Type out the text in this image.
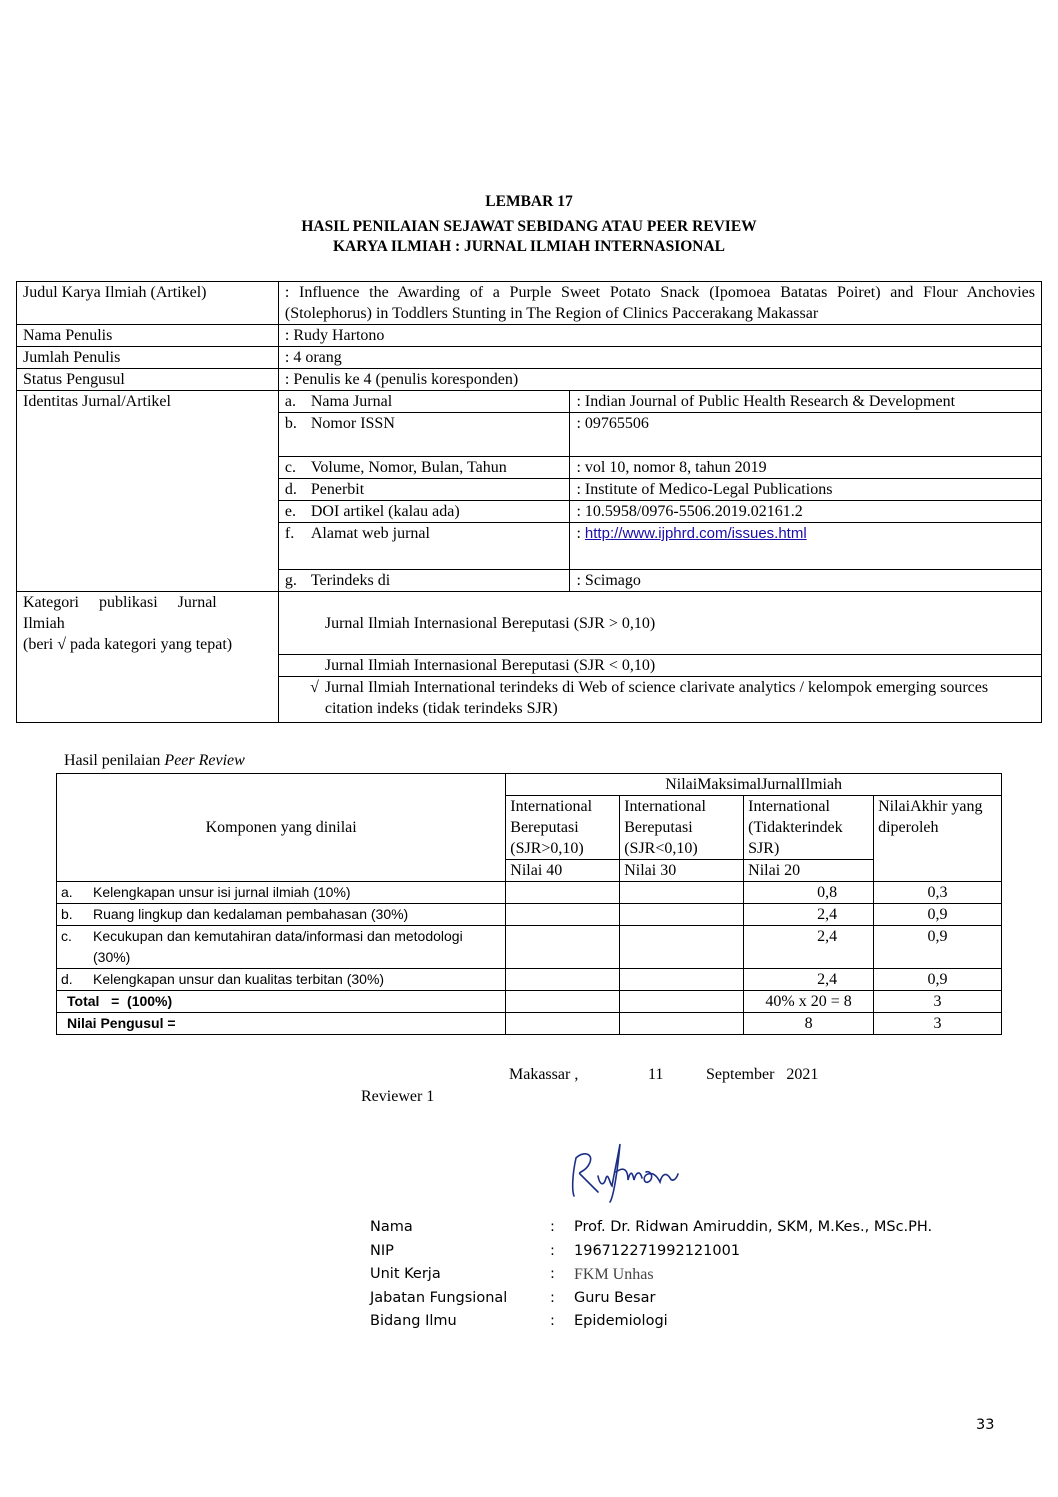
LEMBAR 17
HASIL PENILAIAN SEJAWAT SEBIDANG ATAU PEER REVIEW
KARYA ILMIAH : JURNAL ILMIAH INTERNASIONAL
Judul Karya Ilmiah (Artikel)	: Influence the Awarding of a Purple Sweet Potato Snack (Ipomoea Batatas Poiret) and Flour Anchovies (Stolephorus) in Toddlers Stunting in The Region of Clinics Paccerakang Makassar	
Nama Penulis	: Rudy Hartono	
Jumlah Penulis	: 4 orang	
Status Pengusul	: Penulis ke 4 (penulis koresponden)	
Identitas Jurnal/Artikel	a. Nama Jurnal	: Indian Journal of Public Health Research & Development

	b. Nomor ISSN	: 09765506

	c. Volume, Nomor, Bulan, Tahun	: vol 10, nomor 8, tahun 2019

	d. Penerbit	: Institute of Medico-Legal Publications

	e. DOI artikel (kalau ada)	: 10.5958/0976-5506.2019.02161.2

	f. Alamat web jurnal	: http://www.ijphrd.com/issues.html

	g. Terindeks di	: Scimago

Kategori     publikasi     Jurnal
Ilmiah
(beri √ pada kategori yang tepat)	Jurnal Ilmiah Internasional Bereputasi (SJR > 0,10)	

	Jurnal Ilmiah Internasional Bereputasi (SJR < 0,10)	

	√ Jurnal Ilmiah International terindeks di Web of science clarivate analytics / kelompok emerging sources citation indeks (tidak terindeks SJR)	
Hasil penilaian Peer Review
Komponen yang dinilai	NilaiMaksimalJurnalIlmiah			
	International Bereputasi (SJR>0,10)	International Bereputasi (SJR<0,10)	International (Tidakterindek SJR)	NilaiAkhir yang diperoleh
	Nilai 40	Nilai 30	Nilai 20	

a. Kelengkapan unsur isi jurnal ilmiah (10%)			0,8	0,3

b. Ruang lingkup dan kedalaman pembahasan (30%)			2,4	0,9

c. Kecukupan dan kemutahiran data/informasi dan metodologi (30%)			2,4	0,9

d. Kelengkapan unsur dan kualitas terbitan (30%)			2,4	0,9
Total   =  (100%)			40% x 20 = 8	3
Nilai Pengusul =			8	3
Makassar ,	11	September   2021
Reviewer 1
Nama	:	Prof. Dr. Ridwan Amiruddin, SKM, M.Kes., MSc.PH.
NIP	:	196712271992121001
Unit Kerja	:	FKM Unhas
Jabatan Fungsional	:	Guru Besar
Bidang Ilmu	:	Epidemiologi
33
